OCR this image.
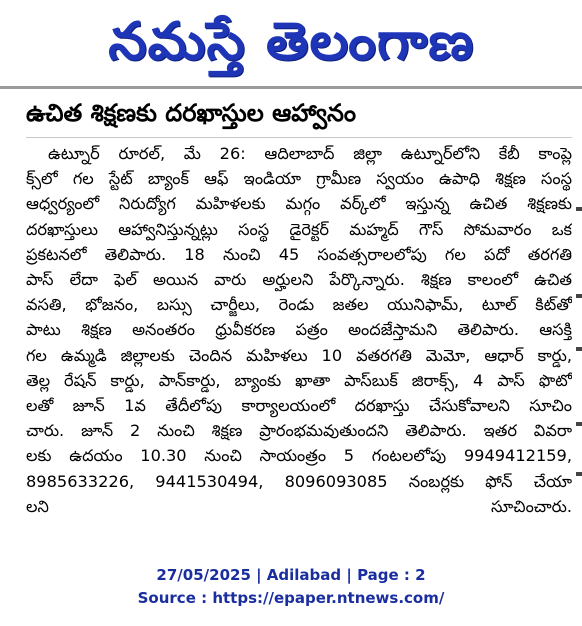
నమస్తే తెలంగాణ
ఉచిత శిక్షణకు దరఖాస్తుల ఆహ్వానం
ఉట్నూర్ రూరల్, మే 26: ఆదిలాబాద్ జిల్లా ఉట్నూర్‌లోని కేబీ కాంప్లె
క్స్‌లో గల స్టేట్ బ్యాంక్ ఆఫ్ ఇండియా గ్రామీణ స్వయం ఉపాధి శిక్షణ సంస్థ
ఆధ్వర్యంలో నిరుద్యోగ మహిళలకు మగ్గం వర్క్‌లో ఇస్తున్న ఉచిత శిక్షణకు
దరఖాస్తులు ఆహ్వానిస్తున్నట్లు సంస్థ డైరెక్టర్ మహ్మద్ గౌస్ సోమవారం ఒక
ప్రకటనలో తెలిపారు. 18 నుంచి 45 సంవత్సరాలలోపు గల పదో తరగతి
పాస్ లేదా ఫెల్ అయిన వారు అర్హులని పేర్కొన్నారు. శిక్షణ కాలంలో ఉచిత
వసతి, భోజనం, బస్సు చార్జీలు, రెండు జతల యునిఫామ్, టూల్ కిట్‌తో
పాటు శిక్షణ అనంతరం ధ్రువీకరణ పత్రం అందజేస్తామని తెలిపారు. ఆసక్తి
గల ఉమ్మడి జిల్లాలకు చెందిన మహిళలు 10 వతరగతి మెమో, ఆధార్ కార్డు,
తెల్ల రేషన్ కార్డు, పాన్‌కార్డు, బ్యాంకు ఖాతా పాస్‌బుక్ జిరాక్స్, 4 పాస్ ఫొటో
లతో జూన్ 1వ తేదీలోపు కార్యాలయంలో దరఖాస్తు చేసుకోవాలని సూచిం
చారు. జూన్ 2 నుంచి శిక్షణ ప్రారంభమవుతుందని తెలిపారు. ఇతర వివరా
లకు ఉదయం 10.30 నుంచి సాయంత్రం 5 గంటలలోపు 9949412159,
8985633226, 9441530494, 8096093085 నంబర్లకు ఫోన్ చేయా
లని సూచించారు.
27/05/2025 | Adilabad | Page : 2
Source : https://epaper.ntnews.com/
